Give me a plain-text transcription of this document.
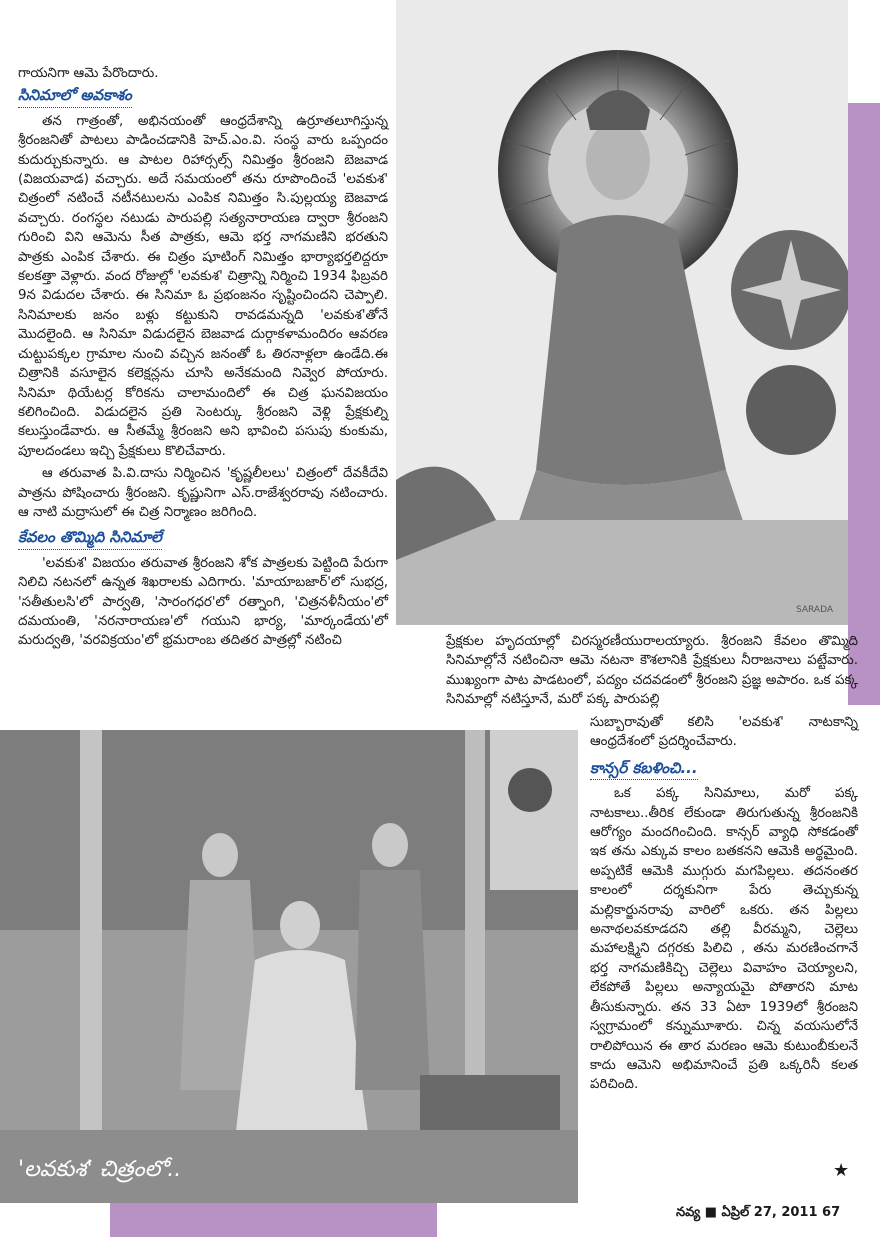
SARADA

గాయనిగా ఆమె పేరొందారు.

సినిమాలో అవకాశం

తన గాత్రంతో, అభినయంతో ఆంధ్రదేశాన్ని ఉర్రూతలూగిస్తున్న శ్రీరంజనితో పాటలు పాడించడానికి హెచ్.ఎం.వి. సంస్థ వారు ఒప్పందం కుదుర్చుకున్నారు. ఆ పాటల రిహార్సల్స్ నిమిత్తం శ్రీరంజని బెజవాడ (విజయవాడ) వచ్చారు. అదే సమయంలో తను రూపొందించే 'లవకుశ' చిత్రంలో నటించే నటీనటులను ఎంపిక నిమిత్తం సి.పుల్లయ్య బెజవాడ వచ్చారు. రంగస్థల నటుడు పారుపల్లి సత్యనారాయణ ద్వారా శ్రీరంజని గురించి విని ఆమెను సీత పాత్రకు, ఆమె భర్త నాగమణిని భరతుని పాత్రకు ఎంపిక చేశారు. ఈ చిత్రం షూటింగ్ నిమిత్తం భార్యాభర్తలిద్దరూ కలకత్తా వెళ్లారు. వంద రోజుల్లో 'లవకుశ' చిత్రాన్ని నిర్మించి 1934 ఫిబ్రవరి 9న విడుదల చేశారు. ఈ సినిమా ఓ ప్రభంజనం సృష్టించిందని చెప్పాలి. సినిమాలకు జనం బళ్లు కట్టుకుని రావడమన్నది 'లవకుశ'తోనే మొదలైంది. ఆ సినిమా విడుదలైన బెజవాడ దుర్గాకళామందిరం ఆవరణ చుట్టుపక్కల గ్రామాల నుంచి వచ్చిన జనంతో ఓ తిరనాళ్లలా ఉండేది.ఈ చిత్రానికి వసూలైన కలెక్షన్లను చూసి అనేకమంది నివ్వెర పోయారు. సినిమా థియేటర్ల కోరికను చాలామందిలో ఈ చిత్ర ఘనవిజయం కలిగించింది. విడుదలైన ప్రతి సెంటర్కు శ్రీరంజని వెళ్లి ప్రేక్షకుల్ని కలుస్తుండేవారు. ఆ సీతమ్మే శ్రీరంజని అని భావించి పసుపు కుంకుమ, పూలదండలు ఇచ్చి ప్రేక్షకులు కొలిచేవారు.

ఆ తరువాత పి.వి.దాసు నిర్మించిన 'కృష్ణలీలలు' చిత్రంలో దేవకీదేవి పాత్రను పోషించారు శ్రీరంజని. కృష్ణునిగా ఎస్.రాజేశ్వరరావు నటించారు. ఆ నాటి మద్రాసులో ఈ చిత్ర నిర్మాణం జరిగింది.

కేవలం తొమ్మిది సినిమాలే

'లవకుశ' విజయం తరువాత శ్రీరంజని శోక పాత్రలకు పెట్టింది పేరుగా నిలిచి నటనలో ఉన్నత శిఖరాలకు ఎదిగారు. 'మాయాబజార్'లో సుభద్ర, 'సతీతులసి'లో పార్వతి, 'సారంగధర'లో రత్నాంగి, 'చిత్రనళీనీయం'లో దమయంతి, 'నరనారాయణ'లో గయుని భార్య, 'మార్కండేయ'లో మరుద్వతి, 'వరవిక్రయం'లో భ్రమరాంబ తదితర పాత్రల్లో నటించి	ప్రేక్షకుల హృదయాల్లో చిరస్మరణీయురాలయ్యారు. శ్రీరంజని కేవలం తొమ్మిది సినిమాల్లోనే నటించినా ఆమె నటనా కౌశలానికి ప్రేక్షకులు నీరాజనాలు పట్టేవారు. ముఖ్యంగా పాట పాడటంలో, పద్యం చదవడంలో శ్రీరంజని ప్రజ్ఞ అపారం. ఒక పక్క సినిమాల్లో నటిస్తూనే, మరో పక్క పారుపల్లి

'లవకుశ' చిత్రంలో..

సుబ్బారావుతో కలిసి 'లవకుశ' నాటకాన్ని ఆంధ్రదేశంలో ప్రదర్శించేవారు.

కాన్సర్ కబళించి...

ఒక పక్క సినిమాలు, మరో పక్క నాటకాలు..తీరిక లేకుండా తిరుగుతున్న శ్రీరంజనికి ఆరోగ్యం మందగించింది. కాన్సర్ వ్యాధి సోకడంతో ఇక తను ఎక్కువ కాలం బతకనని ఆమెకి అర్థమైంది. అప్పటికే ఆమెకి ముగ్గురు మగపిల్లలు. తదనంతర కాలంలో దర్శకునిగా పేరు తెచ్చుకున్న మల్లికార్జునరావు వారిలో ఒకరు. తన పిల్లలు అనాథలవకూడదని తల్లి వీరమ్మని, చెల్లెలు మహాలక్ష్మిని దగ్గరకు పిలిచి , తను మరణించగానే భర్త నాగమణికిచ్చి చెల్లెలు వివాహం చెయ్యాలని, లేకపోతే పిల్లలు అన్యాయమై పోతారని మాట తీసుకున్నారు. తన 33 ఏటా 1939లో శ్రీరంజని స్వగ్రామంలో కన్నుమూశారు. చిన్న వయసులోనే రాలిపోయిన ఈ తార మరణం ఆమె కుటుంబీకులనే కాదు ఆమెని అభిమానించే ప్రతి ఒక్కరినీ కలత పరిచింది.

★
నవ్య ■ ఏప్రిల్ 27, 2011 67
